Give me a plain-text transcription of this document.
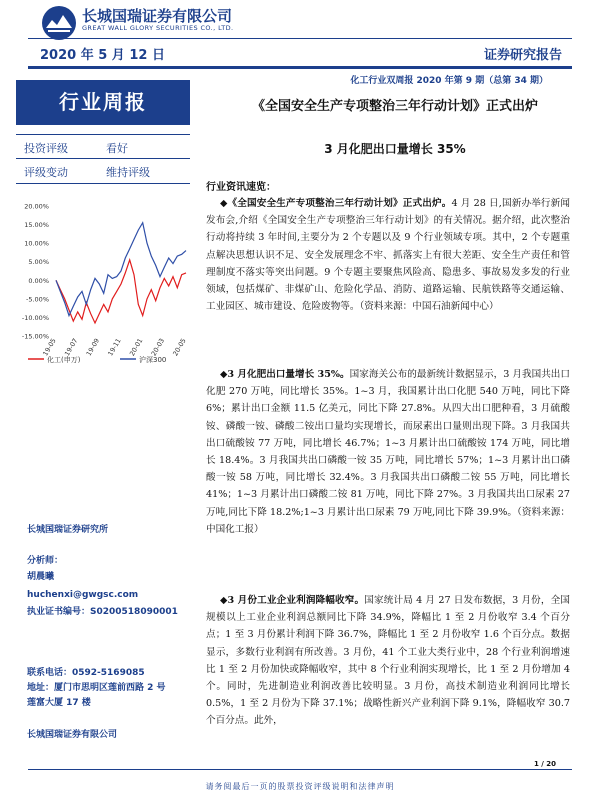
长城国瑞证券有限公司
GREAT WALL GLORY SECURITIES CO., LTD.
2020 年 5 月 12 日	证券研究报告
化工行业双周报 2020 年第 9 期（总第 34 期）
行业周报
投资评级	看好
评级变动	维持评级
20.00%
15.00%
10.00%
5.00%
0.00%
-5.00%
-10.00%
-15.00%
19-05 19-07 19-09 19-11 20-01 20-03 20-05
化工(申万)	沪深300
长城国瑞证券研究所
分析师：
胡晨曦
huchenxi@gwgsc.com
执业证书编号：S0200518090001
联系电话：0592-5169085
地址：厦门市思明区莲前西路 2 号
莲富大厦 17 楼
长城国瑞证券有限公司
《全国安全生产专项整治三年行动计划》正式出炉
3 月化肥出口量增长 35%
行业资讯速览：
◆《全国安全生产专项整治三年行动计划》正式出炉。4 月 28 日,国新办举行新闻发布会,介绍《全国安全生产专项整治三年行动计划》的有关情况。据介绍，此次整治行动将持续 3 年时间,主要分为 2 个专题以及 9 个行业领域专项。其中，2 个专题重点解决思想认识不足、安全发展理念不牢、抓落实上有很大差距、安全生产责任和管理制度不落实等突出问题。9 个专题主要聚焦风险高、隐患多、事故易发多发的行业领域，包括煤矿、非煤矿山、危险化学品、消防、道路运输、民航铁路等交通运输、工业园区、城市建设、危险废物等。（资料来源：中国石油新闻中心）
◆3 月化肥出口量增长 35%。国家海关公布的最新统计数据显示，3 月我国共出口化肥 270 万吨，同比增长 35%。1~3 月，我国累计出口化肥 540 万吨，同比下降 6%；累计出口金额 11.5 亿美元，同比下降 27.8%。从四大出口肥种看，3 月硫酸铵、磷酸一铵、磷酸二铵出口量均实现增长，而尿素出口量则出现下降。3 月我国共出口硫酸铵 77 万吨，同比增长 46.7%；1~3 月累计出口硫酸铵 174 万吨，同比增长 18.4%。3 月我国共出口磷酸一铵 35 万吨，同比增长 57%；1~3 月累计出口磷酸一铵 58 万吨，同比增长 32.4%。3 月我国共出口磷酸二铵 55 万吨，同比增长 41%；1~3 月累计出口磷酸二铵 81 万吨，同比下降 27%。3 月我国共出口尿素 27 万吨,同比下降 18.2%;1~3 月累计出口尿素 79 万吨,同比下降 39.9%。（资料来源：中国化工报）
◆3 月份工业企业利润降幅收窄。国家统计局 4 月 27 日发布数据，3 月份，全国规模以上工业企业利润总额同比下降 34.9%，降幅比 1 至 2 月份收窄 3.4 个百分点；1 至 3 月份累计利润下降 36.7%，降幅比 1 至 2 月份收窄 1.6 个百分点。数据显示，多数行业利润有所改善。3 月份，41 个工业大类行业中，28 个行业利润增速比 1 至 2 月份加快或降幅收窄，其中 8 个行业利润实现增长，比 1 至 2 月份增加 4 个。同时，先进制造业利润改善比较明显。3 月份，高技术制造业利润同比增长 0.5%，1 至 2 月份为下降 37.1%；战略性新兴产业利润下降 9.1%，降幅收窄 30.7 个百分点。此外，
1 / 20
请务阅最后一页的股票投资评级说明和法律声明
